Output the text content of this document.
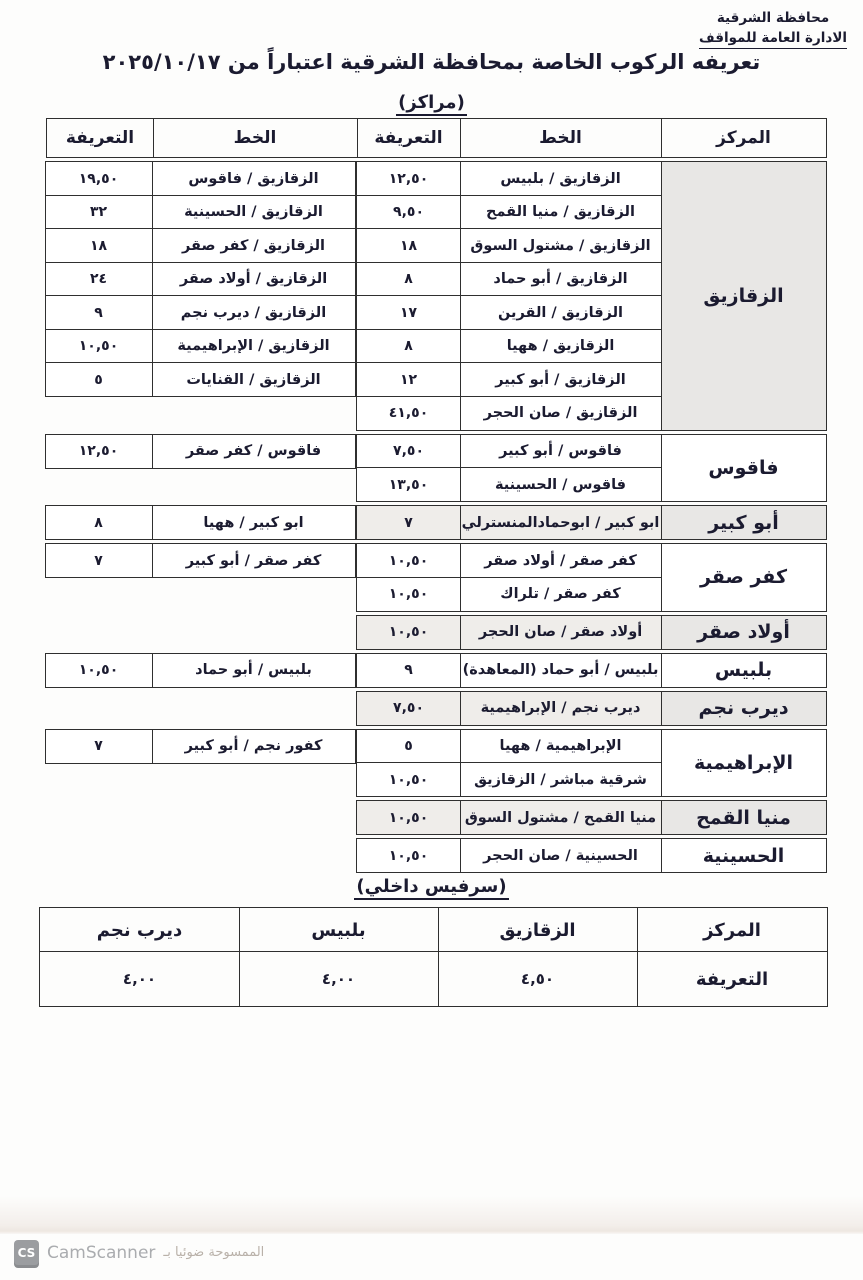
محافظة الشرقية
الادارة العامة للمواقف
تعريفه الركوب الخاصة بمحافظة الشرقية اعتباراً من ٢٠٢٥/١٠/١٧
(مراكز)
المركز
الخط
التعريفة
الخط
التعريفة
الزقازيق
الزقازيق / بلبيس
١٢,٥٠
الزقازيق / منيا القمح
٩,٥٠
الزقازيق / مشتول السوق
١٨
الزقازيق / أبو حماد
٨
الزقازيق / القرين
١٧
الزقازيق / ههيا
٨
الزقازيق / أبو كبير
١٢
الزقازيق / صان الحجر
٤١,٥٠
الزقازيق / فاقوس
١٩,٥٠
الزقازيق / الحسينية
٣٢
الزقازيق / كفر صقر
١٨
الزقازيق / أولاد صقر
٢٤
الزقازيق / ديرب نجم
٩
الزقازيق / الإبراهيمية
١٠,٥٠
الزقازيق / القنايات
٥
فاقوس
فاقوس / أبو كبير
٧,٥٠
فاقوس / الحسينية
١٣,٥٠
فاقوس / كفر صقر
١٢,٥٠
أبو كبير
ابو كبير / ابوحمادالمنسترلي
٧
ابو كبير / ههيا
٨
كفر صقر
كفر صقر / أولاد صقر
١٠,٥٠
كفر صقر / تلراك
١٠,٥٠
كفر صقر / أبو كبير
٧
أولاد صقر
أولاد صقر / صان الحجر
١٠,٥٠
بلبيس
بلبيس / أبو حماد (المعاهدة)
٩
بلبيس / أبو حماد
١٠,٥٠
ديرب نجم
ديرب نجم / الإبراهيمية
٧,٥٠
الإبراهيمية
الإبراهيمية / ههيا
٥
شرقية مباشر / الزقازيق
١٠,٥٠
كفور نجم / أبو كبير
٧
منيا القمح
منيا القمح / مشتول السوق
١٠,٥٠
الحسينية
الحسينية / صان الحجر
١٠,٥٠
(سرفيس داخلي)
المركز
الزقازيق
بلبيس
ديرب نجم
التعريفة
٤,٥٠
٤,٠٠
٤,٠٠
CS CamScanner الممسوحة ضوئيا بـ
